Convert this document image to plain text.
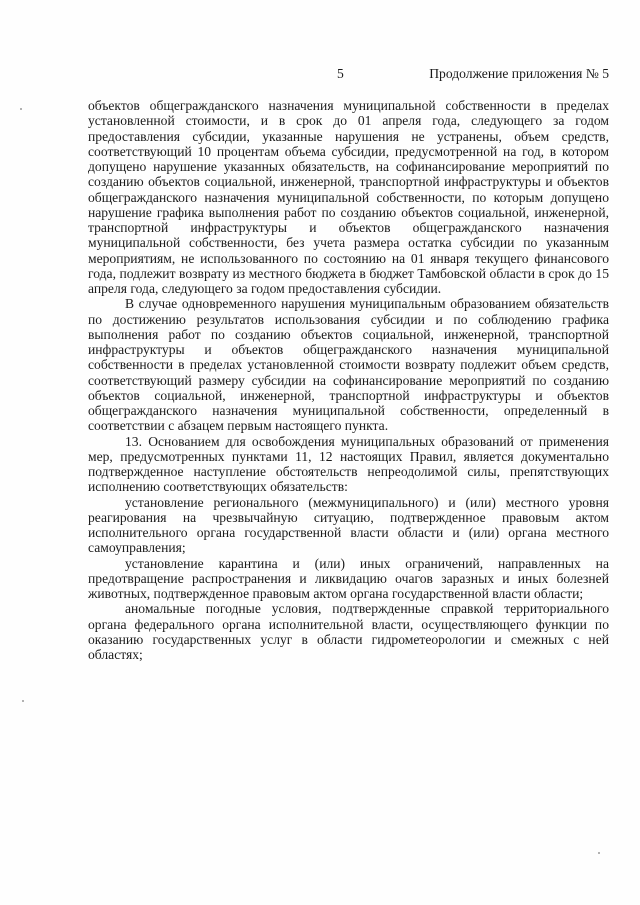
5	Продолжение приложения № 5

объектов общегражданского назначения муниципальной собственности в пределах установленной стоимости, и в срок до 01 апреля года, следующего за годом предоставления субсидии, указанные нарушения не устранены, объем средств, соответствующий 10 процентам объема субсидии, предусмотренной на год, в котором допущено нарушение указанных обязательств, на софинансирование мероприятий по созданию объектов социальной, инженерной, транспортной инфраструктуры и объектов общегражданского назначения муниципальной собственности, по которым допущено нарушение графика выполнения работ по созданию объектов социальной, инженерной, транспортной инфраструктуры и объектов общегражданского назначения муниципальной собственности, без учета размера остатка субсидии по указанным мероприятиям, не использованного по состоянию на 01 января текущего финансового года, подлежит возврату из местного бюджета в бюджет Тамбовской области в срок до 15 апреля года, следующего за годом предоставления субсидии.

В случае одновременного нарушения муниципальным образованием обязательств по достижению результатов использования субсидии и по соблюдению графика выполнения работ по созданию объектов социальной, инженерной, транспортной инфраструктуры и объектов общегражданского назначения муниципальной собственности в пределах установленной стоимости возврату подлежит объем средств, соответствующий размеру субсидии на софинансирование мероприятий по созданию объектов социальной, инженерной, транспортной инфраструктуры и объектов общегражданского назначения муниципальной собственности, определенный в соответствии с абзацем первым настоящего пункта.

13. Основанием для освобождения муниципальных образований от применения мер, предусмотренных пунктами 11, 12 настоящих Правил, является документально подтвержденное наступление обстоятельств непреодолимой силы, препятствующих исполнению соответствующих обязательств:

установление регионального (межмуниципального) и (или) местного уровня реагирования на чрезвычайную ситуацию, подтвержденное правовым актом исполнительного органа государственной власти области и (или) органа местного самоуправления;

установление карантина и (или) иных ограничений, направленных на предотвращение распространения и ликвидацию очагов заразных и иных болезней животных, подтвержденное правовым актом органа государственной власти области;

аномальные погодные условия, подтвержденные справкой территориального органа федерального органа исполнительной власти, осуществляющего функции по оказанию государственных услуг в области гидрометеорологии и смежных с ней областях;
